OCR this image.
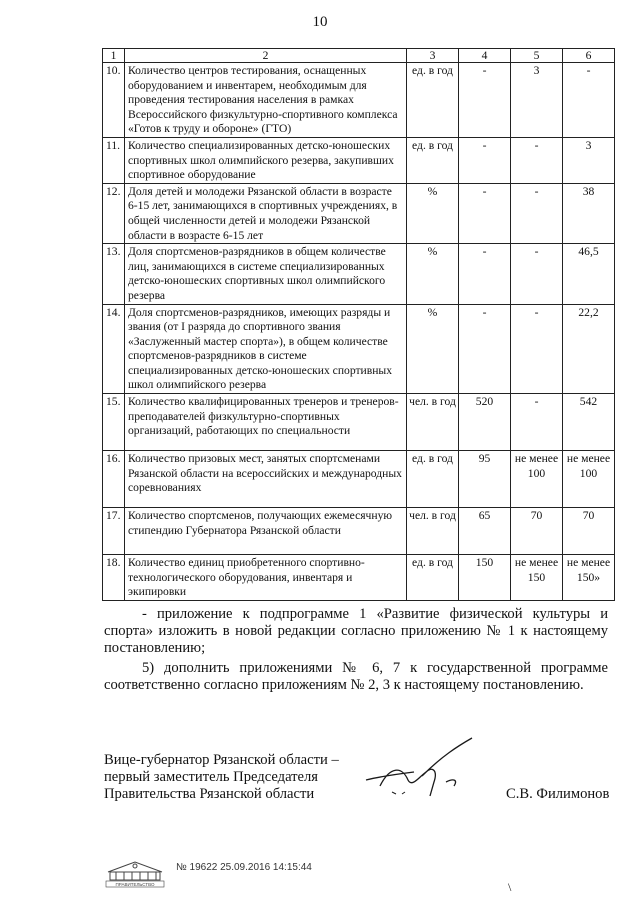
10
1	2	3	4	5	6
10.	Количество центров тестирования, оснащенных оборудованием и инвентарем, необходимым для проведения тестирования населения в рамках Всероссийского физкультурно-спортивного комплекса «Готов к труду и обороне» (ГТО)	ед. в год	-	3	-
11.	Количество специализированных детско-юношеских спортивных школ олимпийского резерва, закупивших спортивное оборудование	ед. в год	-	-	3
12.	Доля детей и молодежи Рязанской области в возрасте 6-15 лет, занимающихся в спортивных учреждениях, в общей численности детей и молодежи Рязанской области в возрасте 6-15 лет	%	-	-	38
13.	Доля спортсменов-разрядников в общем количестве лиц, занимающихся в системе специализированных детско-юношеских спортивных школ олимпийского резерва	%	-	-	46,5
14.	Доля спортсменов-разрядников, имеющих разряды и звания (от I разряда до спортивного звания «Заслуженный мастер спорта»), в общем количестве спортсменов-разрядников в системе специализированных детско-юношеских спортивных школ олимпийского резерва	%	-	-	22,2
15.	Количество квалифицированных тренеров и тренеров-преподавателей физкультурно-спортивных организаций, работающих по специальности	чел. в год	520	-	542
16.	Количество призовых мест, занятых спортсменами Рязанской области на всероссийских и международных соревнованиях	ед. в год	95	не менее 100	не менее 100
17.	Количество спортсменов, получающих ежемесячную стипендию Губернатора Рязанской области	чел. в год	65	70	70
18.	Количество единиц приобретенного спортивно-технологического оборудования, инвентаря и экипировки	ед. в год	150	не менее 150	не менее 150»
- приложение к подпрограмме 1 «Развитие физической культуры и спорта» изложить в новой редакции согласно приложению № 1 к настоящему постановлению;
5) дополнить приложениями № 6, 7 к государственной программе соответственно согласно приложениям № 2, 3 к настоящему постановлению.
Вице-губернатор Рязанской области –
первый заместитель Председателя
Правительства Рязанской области	С.В. Филимонов
ПРАВИТЕЛЬСТВО
№ 19622 25.09.2016 14:15:44
\
